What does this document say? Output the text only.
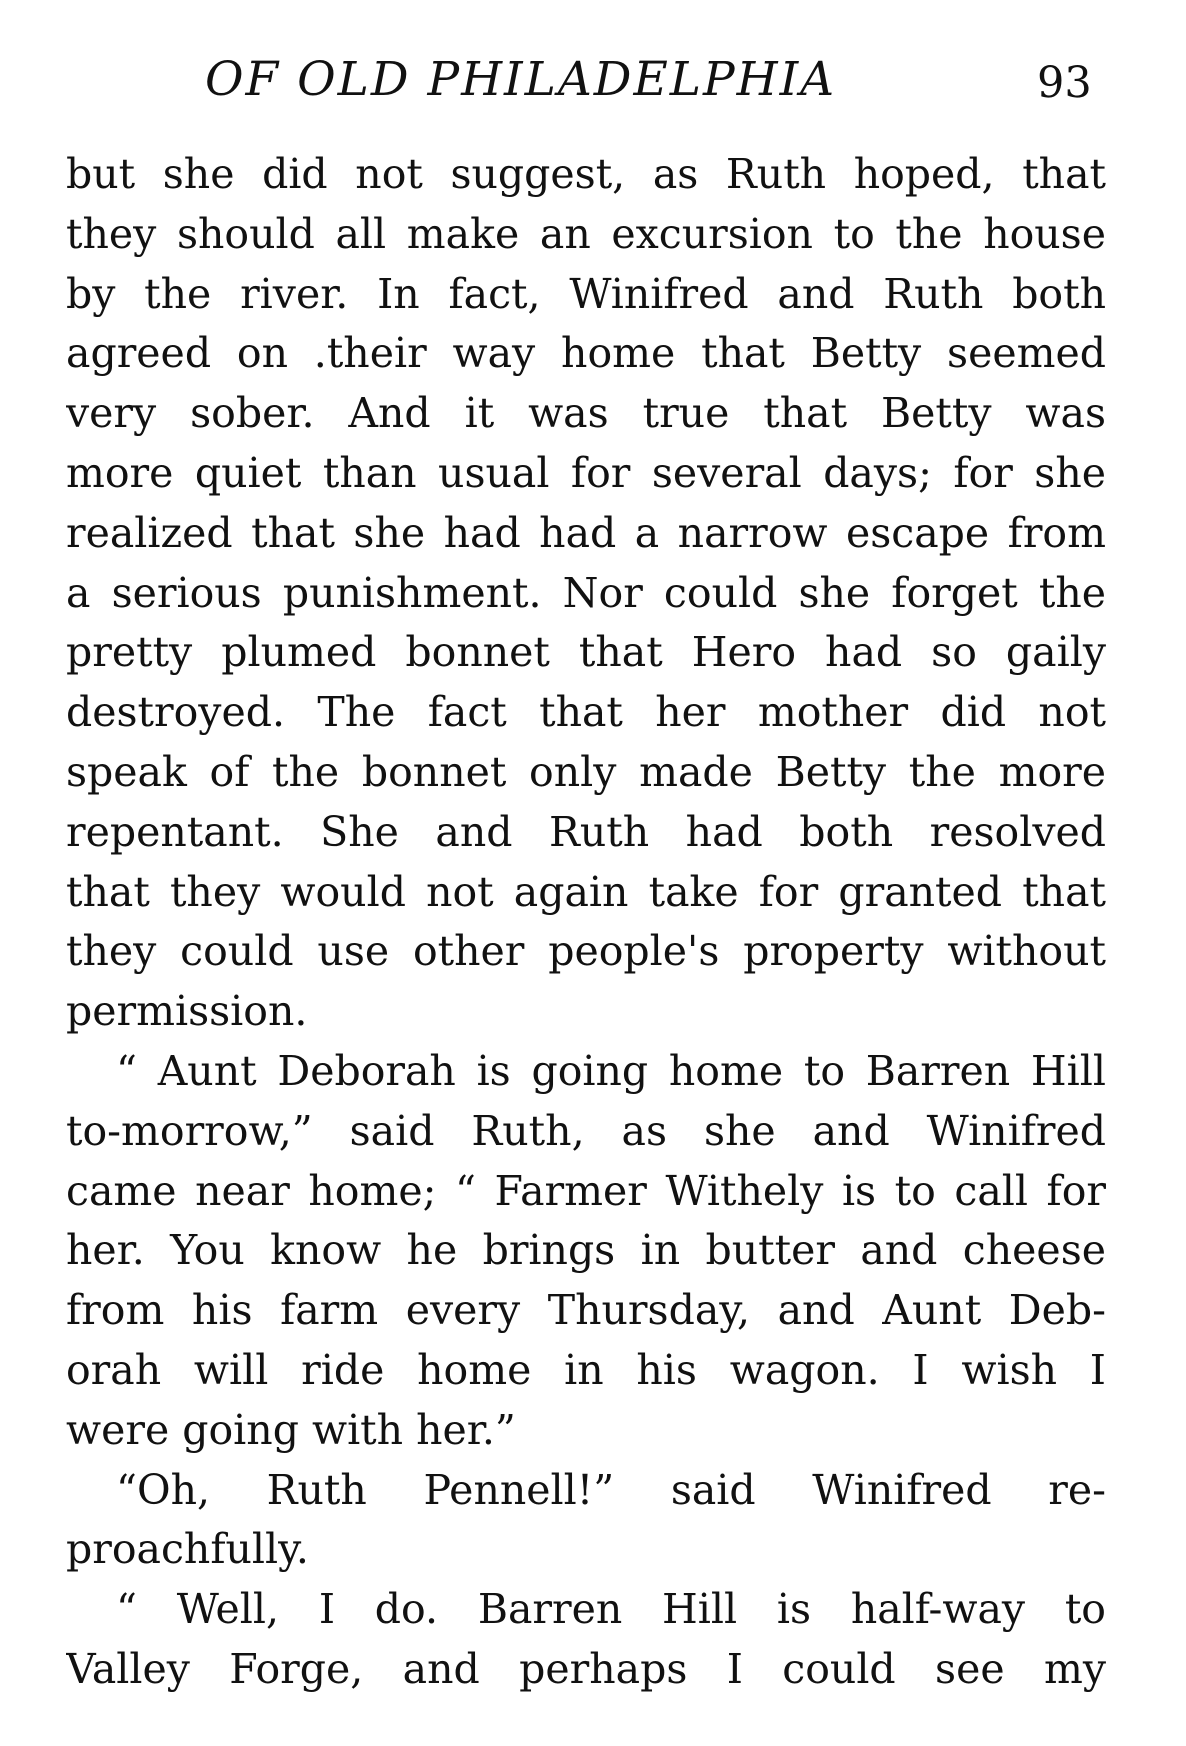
OF OLD PHILADELPHIA	93
but she did not suggest, as Ruth hoped, that
they should all make an excursion to the house
by the river. In fact, Winifred and Ruth both
agreed on .their way home that Betty seemed
very sober. And it was true that Betty was
more quiet than usual for several days; for she
realized that she had had a narrow escape from
a serious punishment. Nor could she forget the
pretty plumed bonnet that Hero had so gaily
destroyed. The fact that her mother did not
speak of the bonnet only made Betty the more
repentant. She and Ruth had both resolved
that they would not again take for granted that
they could use other people's property without
permission.
“ Aunt Deborah is going home to Barren Hill
to-morrow,” said Ruth, as she and Winifred
came near home; “ Farmer Withely is to call for
her. You know he brings in butter and cheese
from his farm every Thursday, and Aunt Deb-
orah will ride home in his wagon. I wish I
were going with her.”
“Oh, Ruth Pennell!” said Winifred re-
proachfully.
“ Well, I do. Barren Hill is half-way to
Valley Forge, and perhaps I could see my
